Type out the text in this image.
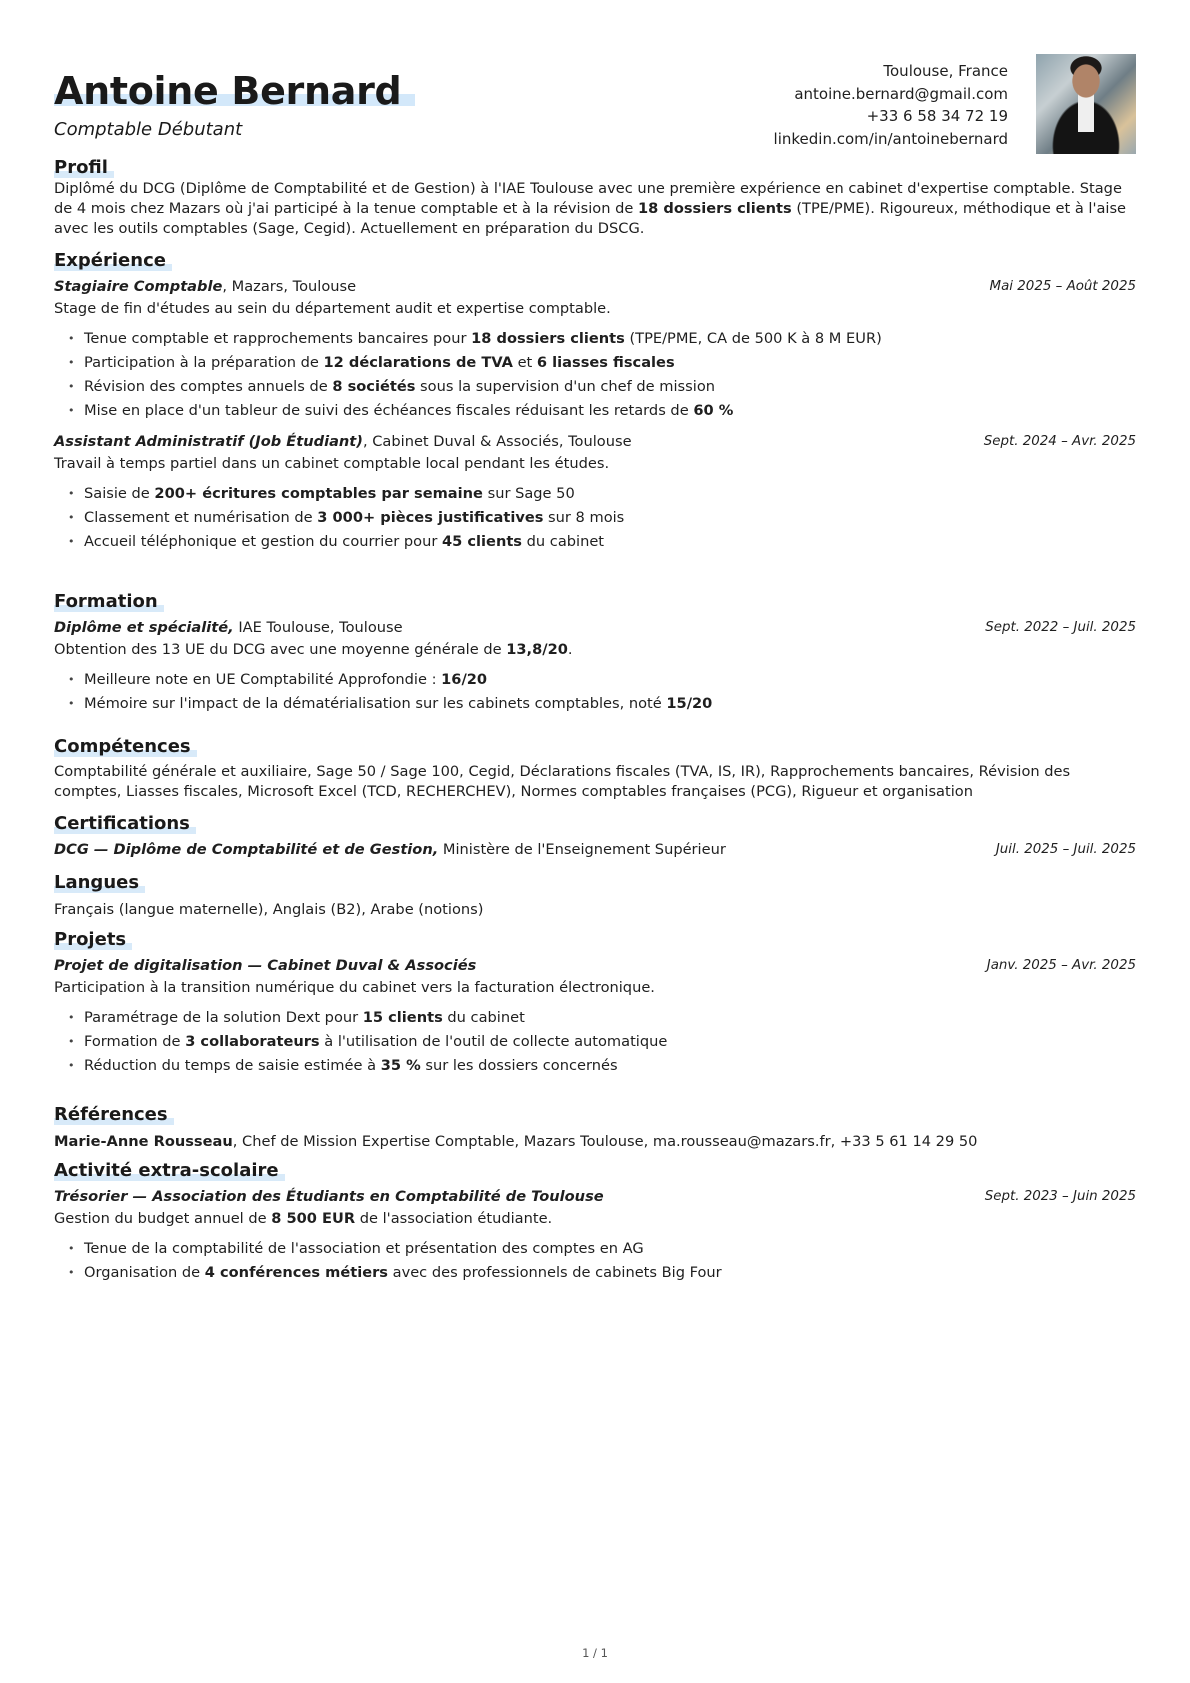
Antoine Bernard
Comptable Débutant
Toulouse, France
antoine.bernard@gmail.com
+33 6 58 34 72 19
linkedin.com/in/antoinebernard
Profil
Diplômé du DCG (Diplôme de Comptabilité et de Gestion) à l'IAE Toulouse avec une première expérience en cabinet d'expertise comptable. Stage de 4 mois chez Mazars où j'ai participé à la tenue comptable et à la révision de 18 dossiers clients (TPE/PME). Rigoureux, méthodique et à l'aise avec les outils comptables (Sage, Cegid). Actuellement en préparation du DSCG.
Expérience
Stagiaire Comptable, Mazars, Toulouse	Mai 2025 – Août 2025
Stage de fin d'études au sein du département audit et expertise comptable.
• Tenue comptable et rapprochements bancaires pour 18 dossiers clients (TPE/PME, CA de 500 K à 8 M EUR)
• Participation à la préparation de 12 déclarations de TVA et 6 liasses fiscales
• Révision des comptes annuels de 8 sociétés sous la supervision d'un chef de mission
• Mise en place d'un tableur de suivi des échéances fiscales réduisant les retards de 60 %
Assistant Administratif (Job Étudiant), Cabinet Duval & Associés, Toulouse	Sept. 2024 – Avr. 2025
Travail à temps partiel dans un cabinet comptable local pendant les études.
• Saisie de 200+ écritures comptables par semaine sur Sage 50
• Classement et numérisation de 3 000+ pièces justificatives sur 8 mois
• Accueil téléphonique et gestion du courrier pour 45 clients du cabinet
Formation
Diplôme et spécialité, IAE Toulouse, Toulouse	Sept. 2022 – Juil. 2025
Obtention des 13 UE du DCG avec une moyenne générale de 13,8/20.
• Meilleure note en UE Comptabilité Approfondie : 16/20
• Mémoire sur l'impact de la dématérialisation sur les cabinets comptables, noté 15/20
Compétences
Comptabilité générale et auxiliaire, Sage 50 / Sage 100, Cegid, Déclarations fiscales (TVA, IS, IR), Rapprochements bancaires, Révision des comptes, Liasses fiscales, Microsoft Excel (TCD, RECHERCHEV), Normes comptables françaises (PCG), Rigueur et organisation
Certifications
DCG — Diplôme de Comptabilité et de Gestion, Ministère de l'Enseignement Supérieur	Juil. 2025 – Juil. 2025
Langues
Français (langue maternelle), Anglais (B2), Arabe (notions)
Projets
Projet de digitalisation — Cabinet Duval & Associés	Janv. 2025 – Avr. 2025
Participation à la transition numérique du cabinet vers la facturation électronique.
• Paramétrage de la solution Dext pour 15 clients du cabinet
• Formation de 3 collaborateurs à l'utilisation de l'outil de collecte automatique
• Réduction du temps de saisie estimée à 35 % sur les dossiers concernés
Références
Marie-Anne Rousseau, Chef de Mission Expertise Comptable, Mazars Toulouse, ma.rousseau@mazars.fr, +33 5 61 14 29 50
Activité extra-scolaire
Trésorier — Association des Étudiants en Comptabilité de Toulouse	Sept. 2023 – Juin 2025
Gestion du budget annuel de 8 500 EUR de l'association étudiante.
• Tenue de la comptabilité de l'association et présentation des comptes en AG
• Organisation de 4 conférences métiers avec des professionnels de cabinets Big Four
1 / 1
